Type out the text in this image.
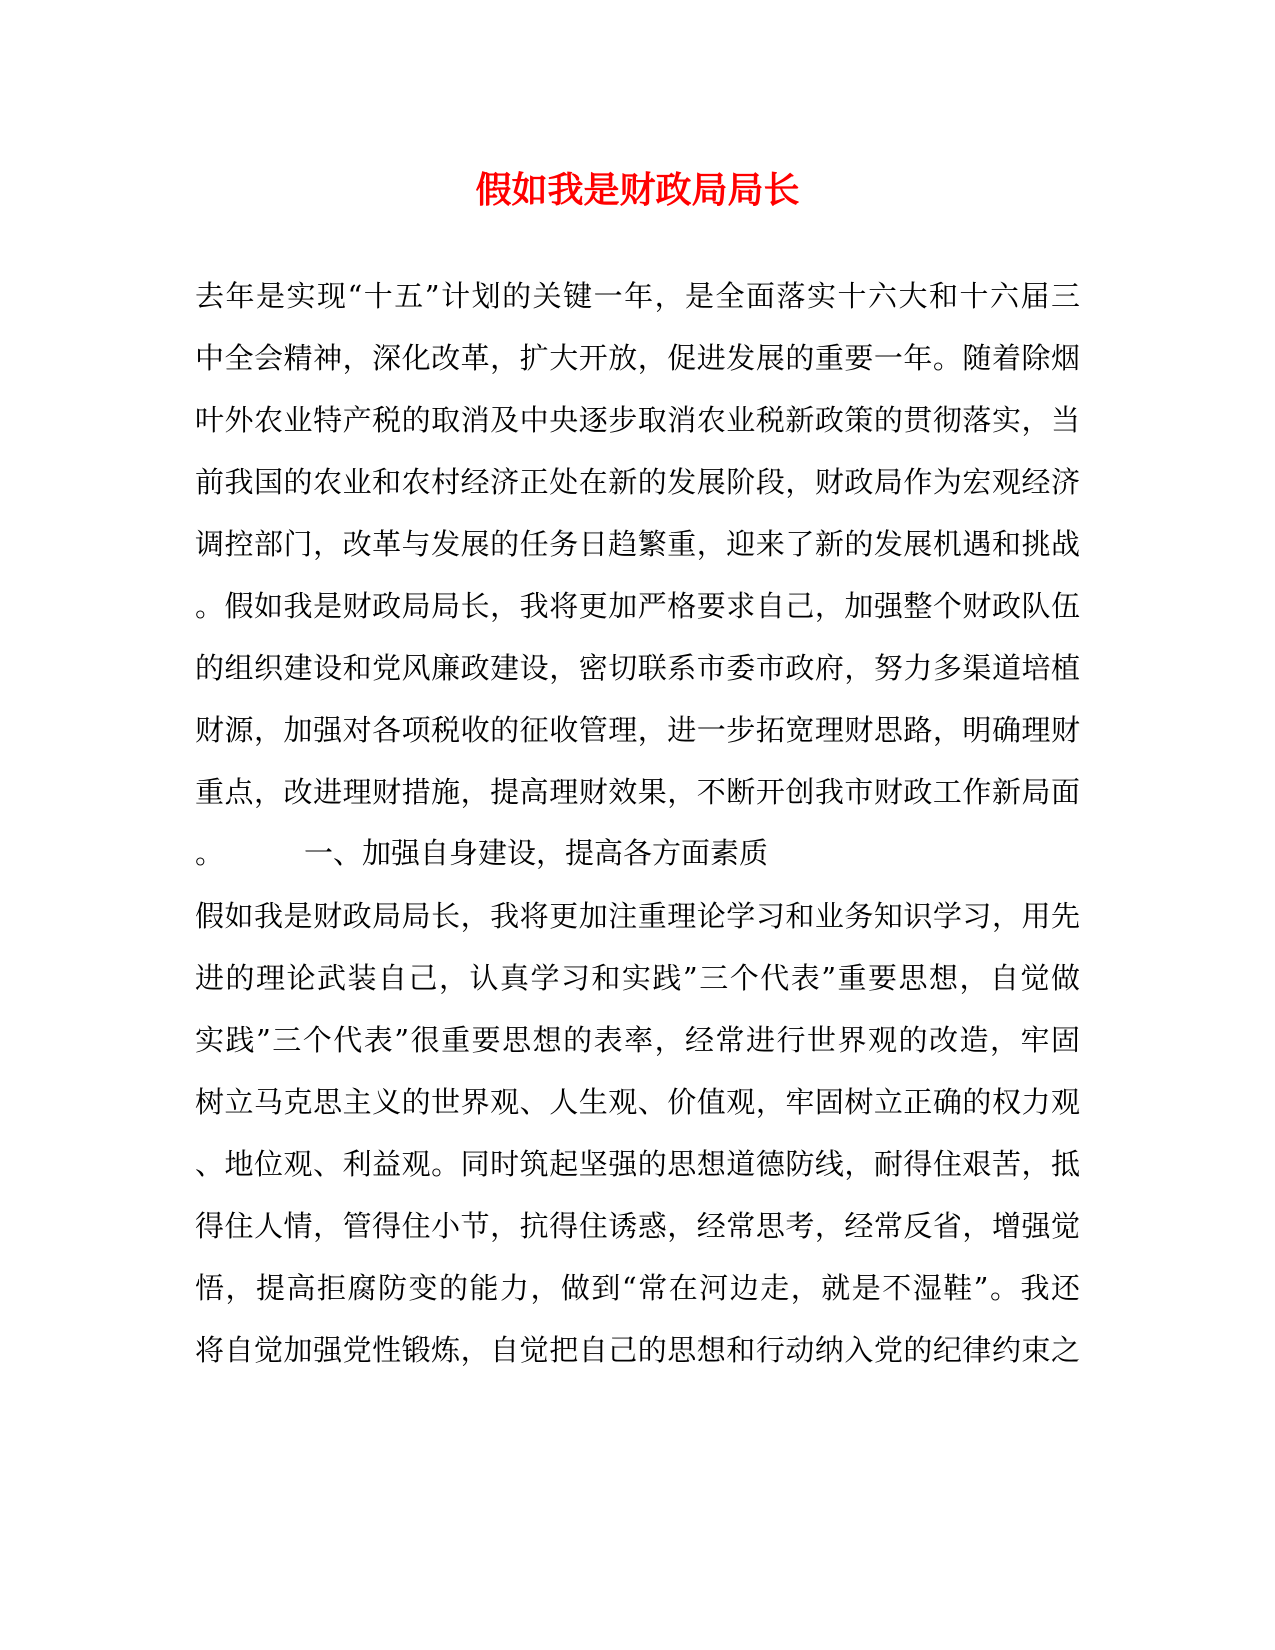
假如我是财政局局长
去年是实现“十五”计划的关键一年，是全面落实十六大和十六届三
中全会精神，深化改革，扩大开放，促进发展的重要一年。随着除烟
叶外农业特产税的取消及中央逐步取消农业税新政策的贯彻落实，当
前我国的农业和农村经济正处在新的发展阶段，财政局作为宏观经济
调控部门，改革与发展的任务日趋繁重，迎来了新的发展机遇和挑战
。假如我是财政局局长，我将更加严格要求自己，加强整个财政队伍
的组织建设和党风廉政建设，密切联系市委市政府，努力多渠道培植
财源，加强对各项税收的征收管理，进一步拓宽理财思路，明确理财
重点，改进理财措施，提高理财效果，不断开创我市财政工作新局面
。	一、加强自身建设，提高各方面素质
假如我是财政局局长，我将更加注重理论学习和业务知识学习，用先
进的理论武装自己，认真学习和实践”三个代表”重要思想，自觉做
实践”三个代表”很重要思想的表率，经常进行世界观的改造，牢固
树立马克思主义的世界观、人生观、价值观，牢固树立正确的权力观
、地位观、利益观。同时筑起坚强的思想道德防线，耐得住艰苦，抵
得住人情，管得住小节，抗得住诱惑，经常思考，经常反省，增强觉
悟，提高拒腐防变的能力，做到“常在河边走，就是不湿鞋”。我还
将自觉加强党性锻炼，自觉把自己的思想和行动纳入党的纪律约束之
